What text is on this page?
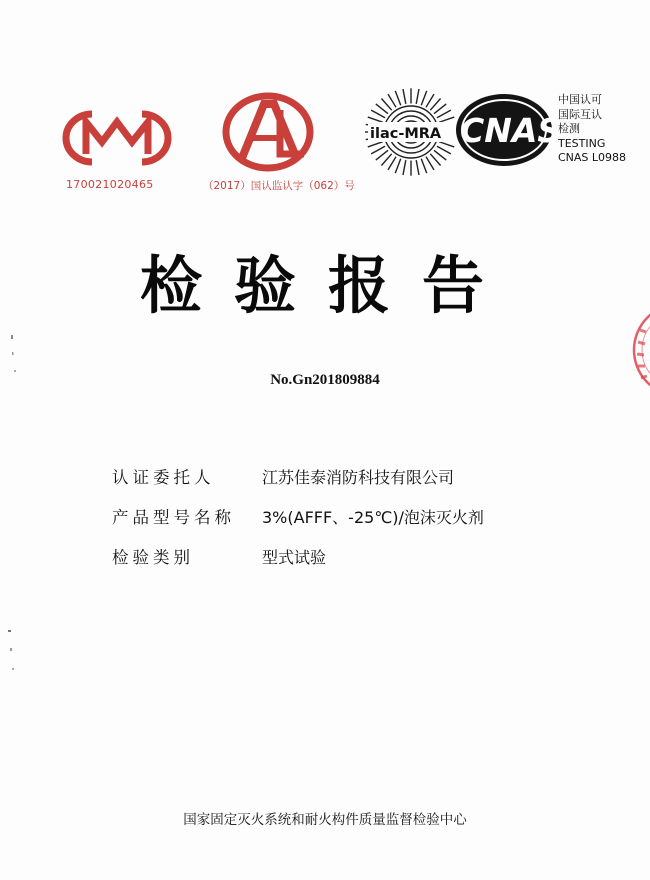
170021020465	（2017）国认监认字（062）号
ilac-MRA CNAS
中国认可
国际互认
检测
TESTING
CNAS L0988
检验报告
No.Gn201809884
认证委托人	江苏佳泰消防科技有限公司
产品型号名称	3%(AFFF、-25℃)/泡沫灭火剂
检验类别	型式试验
国家固定灭火系统和耐火构件质量监督检验中心
